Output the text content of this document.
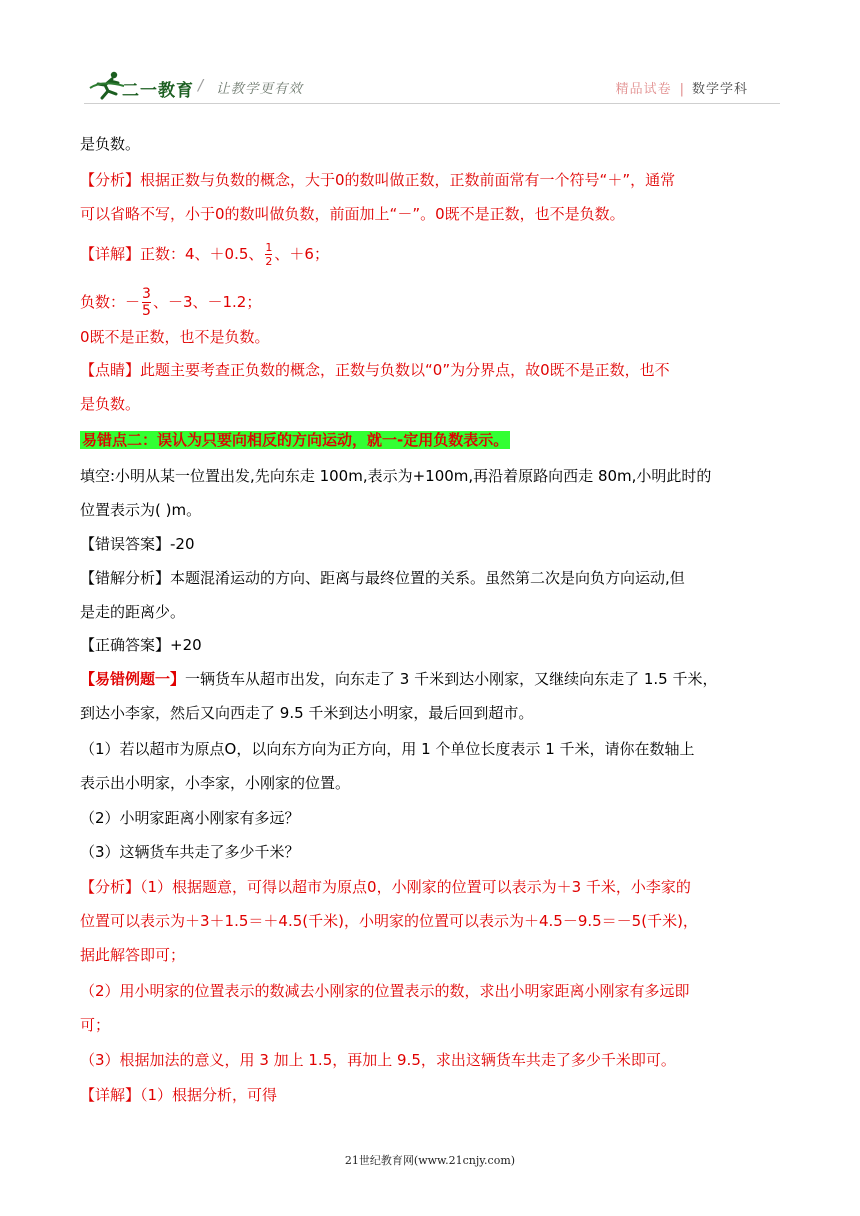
二一教育 / 让教学更有效	精品试卷 | 数学学科
是负数。
【分析】根据正数与负数的概念，大于0的数叫做正数，正数前面常有一个符号“＋”，通常
可以省略不写，小于0的数叫做负数，前面加上“－”。0既不是正数，也不是负数。
【详解】正数：4、＋0.5、 $\frac{1}{2}$ 、＋6；
负数：－ $\frac{3}{5}$ 、－3、－1.2；
0既不是正数，也不是负数。
【点睛】此题主要考查正负数的概念，正数与负数以“0”为分界点，故0既不是正数，也不
是负数。
易错点二：误认为只要向相反的方向运动，就一-定用负数表示。
填空:小明从某一位置出发,先向东走 100m,表示为+100m,再沿着原路向西走 80m,小明此时的
位置表示为( )m。
【错误答案】-20
【错解分析】本题混淆运动的方向、距离与最终位置的关系。虽然第二次是向负方向运动,但
是走的距离少。
【正确答案】+20
【易错例题一】一辆货车从超市出发，向东走了 3 千米到达小刚家，又继续向东走了 1.5 千米，
到达小李家，然后又向西走了 9.5 千米到达小明家，最后回到超市。
（1）若以超市为原点O，以向东方向为正方向，用 1 个单位长度表示 1 千米，请你在数轴上
表示出小明家，小李家，小刚家的位置。
（2）小明家距离小刚家有多远？
（3）这辆货车共走了多少千米？
【分析】（1）根据题意，可得以超市为原点0，小刚家的位置可以表示为＋3 千米，小李家的
位置可以表示为＋3＋1.5＝＋4.5(千米)，小明家的位置可以表示为＋4.5－9.5＝－5(千米)，
据此解答即可；
（2）用小明家的位置表示的数减去小刚家的位置表示的数，求出小明家距离小刚家有多远即
可；
（3）根据加法的意义，用 3 加上 1.5，再加上 9.5，求出这辆货车共走了多少千米即可。
【详解】（1）根据分析，可得
21世纪教育网(www.21cnjy.com)
